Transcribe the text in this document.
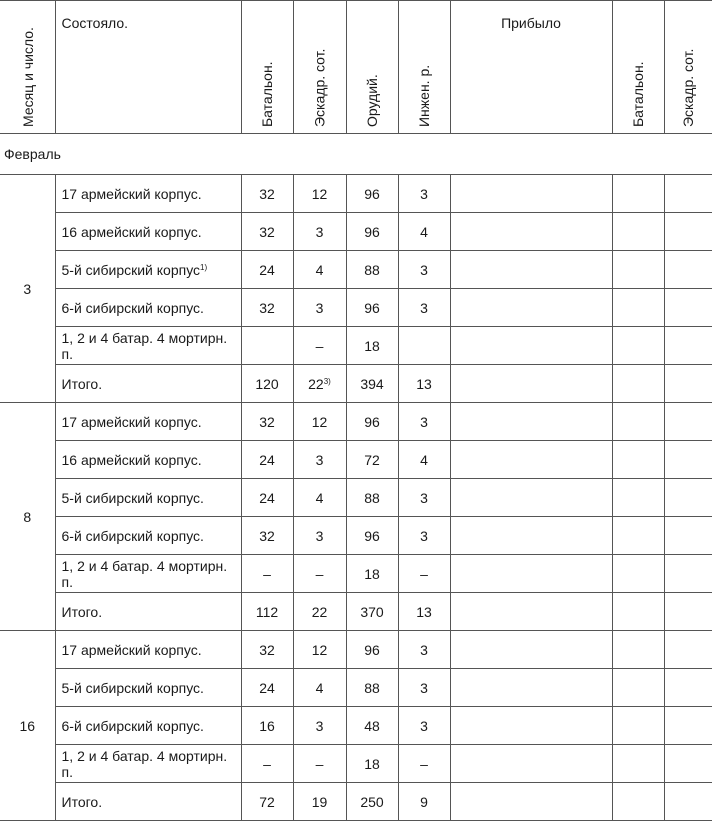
Месяц и число.	Состояло.	Батальон.	Эскадр. сот.	Орудий.	Инжен. р.	Прибыло	Батальон.	Эскадр. сот.
Февраль								
3	17 армейский корпус.	32	12	96	3			
	16 армейский корпус.	32	3	96	4			
	5-й сибирский корпус$^{1)}$	24	4	88	3			
	6-й сибирский корпус.	32	3	96	3			
	1, 2 и 4 батар. 4 мортирн. п.		–	18				
	Итого.	120	22$^{3)}$	394	13			
8	17 армейский корпус.	32	12	96	3			
	16 армейский корпус.	24	3	72	4			
	5-й сибирский корпус.	24	4	88	3			
	6-й сибирский корпус.	32	3	96	3			
	1, 2 и 4 батар. 4 мортирн. п.	–	–	18	–			
	Итого.	112	22	370	13			
16	17 армейский корпус.	32	12	96	3			
	5-й сибирский корпус.	24	4	88	3			
	6-й сибирский корпус.	16	3	48	3			
	1, 2 и 4 батар. 4 мортирн. п.	–	–	18	–			
	Итого.	72	19	250	9			
